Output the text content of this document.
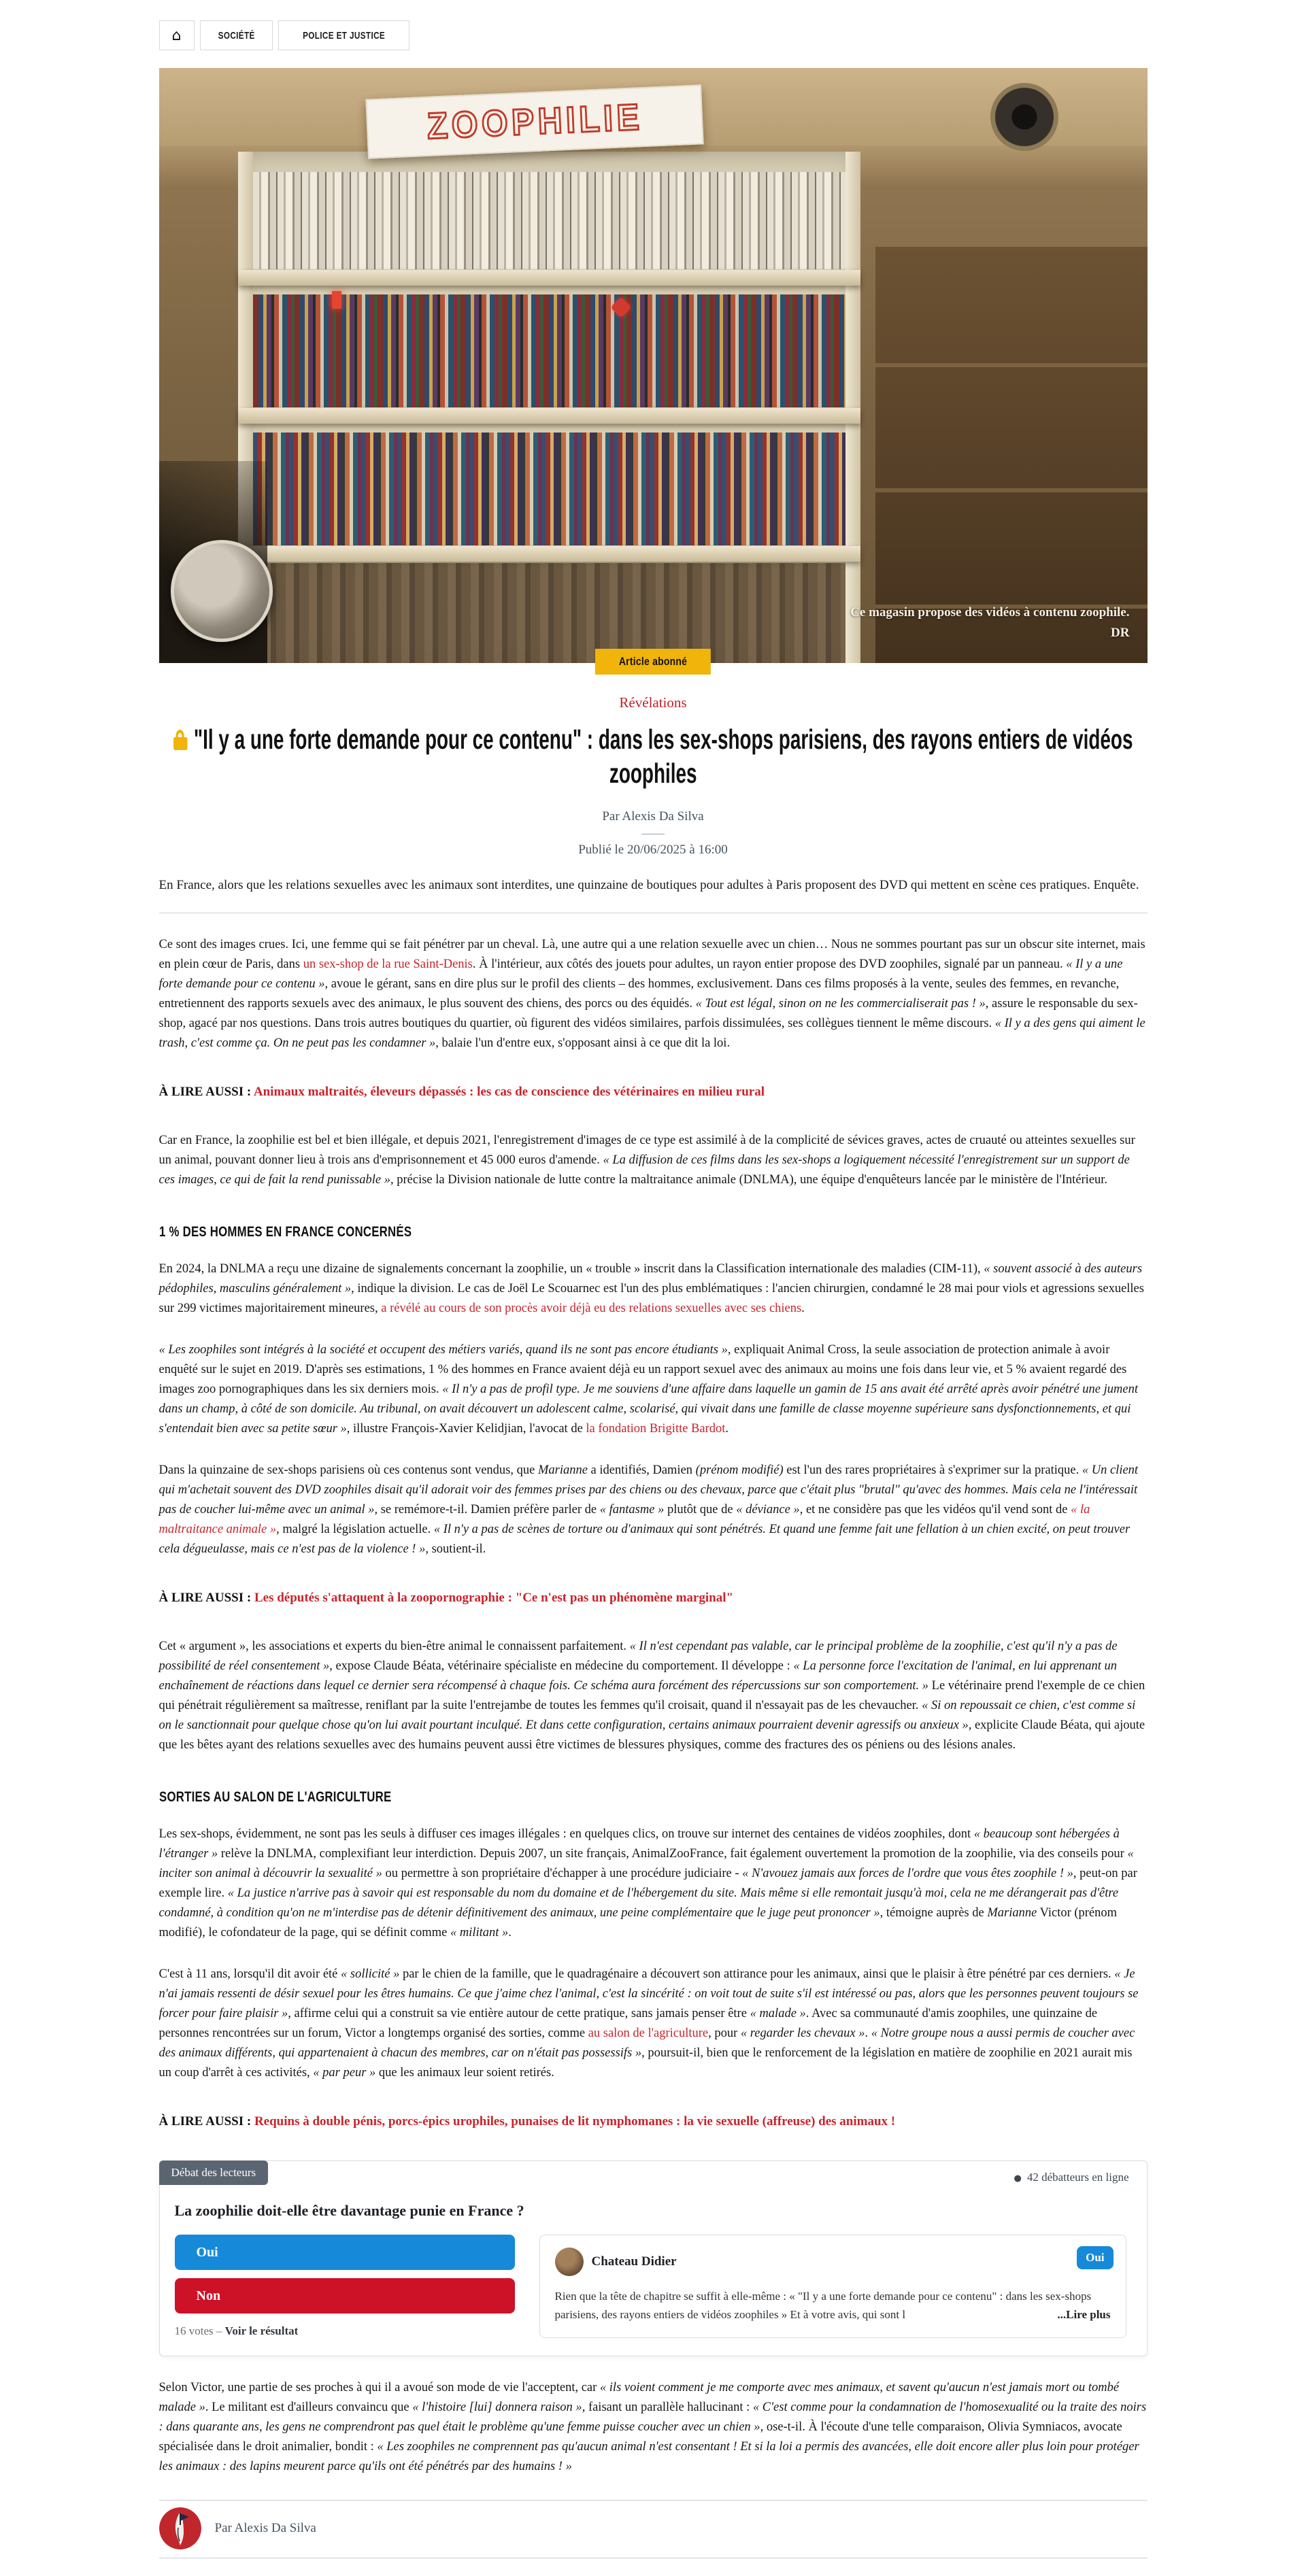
⌂	SOCIÉTÉ	POLICE ET JUSTICE
ZOOPHILIE
Ce magasin propose des vidéos à contenu zoophile.
DR
Article abonné
Révélations
"Il y a une forte demande pour ce contenu" : dans les sex-shops parisiens, des rayons entiers de vidéos zoophiles
Par Alexis Da Silva
Publié le 20/06/2025 à 16:00
En France, alors que les relations sexuelles avec les animaux sont interdites, une quinzaine de boutiques pour adultes à Paris proposent des DVD qui mettent en scène ces pratiques. Enquête.
Ce sont des images crues. Ici, une femme qui se fait pénétrer par un cheval. Là, une autre qui a une relation sexuelle avec un chien… Nous ne sommes pourtant pas sur un obscur site internet, mais en plein cœur de Paris, dans un sex-shop de la rue Saint-Denis. À l'intérieur, aux côtés des jouets pour adultes, un rayon entier propose des DVD zoophiles, signalé par un panneau. « Il y a une forte demande pour ce contenu », avoue le gérant, sans en dire plus sur le profil des clients – des hommes, exclusivement. Dans ces films proposés à la vente, seules des femmes, en revanche, entretiennent des rapports sexuels avec des animaux, le plus souvent des chiens, des porcs ou des équidés. « Tout est légal, sinon on ne les commercialiserait pas ! », assure le responsable du sex-shop, agacé par nos questions. Dans trois autres boutiques du quartier, où figurent des vidéos similaires, parfois dissimulées, ses collègues tiennent le même discours. « Il y a des gens qui aiment le trash, c'est comme ça. On ne peut pas les condamner », balaie l'un d'entre eux, s'opposant ainsi à ce que dit la loi.
À LIRE AUSSI : Animaux maltraités, éleveurs dépassés : les cas de conscience des vétérinaires en milieu rural
Car en France, la zoophilie est bel et bien illégale, et depuis 2021, l'enregistrement d'images de ce type est assimilé à de la complicité de sévices graves, actes de cruauté ou atteintes sexuelles sur un animal, pouvant donner lieu à trois ans d'emprisonnement et 45 000 euros d'amende. « La diffusion de ces films dans les sex-shops a logiquement nécessité l'enregistrement sur un support de ces images, ce qui de fait la rend punissable », précise la Division nationale de lutte contre la maltraitance animale (DNLMA), une équipe d'enquêteurs lancée par le ministère de l'Intérieur.
1 % DES HOMMES EN FRANCE CONCERNÉS
En 2024, la DNLMA a reçu une dizaine de signalements concernant la zoophilie, un « trouble » inscrit dans la Classification internationale des maladies (CIM-11), « souvent associé à des auteurs pédophiles, masculins généralement », indique la division. Le cas de Joël Le Scouarnec est l'un des plus emblématiques : l'ancien chirurgien, condamné le 28 mai pour viols et agressions sexuelles sur 299 victimes majoritairement mineures, a révélé au cours de son procès avoir déjà eu des relations sexuelles avec ses chiens.
« Les zoophiles sont intégrés à la société et occupent des métiers variés, quand ils ne sont pas encore étudiants », expliquait Animal Cross, la seule association de protection animale à avoir enquêté sur le sujet en 2019. D'après ses estimations, 1 % des hommes en France avaient déjà eu un rapport sexuel avec des animaux au moins une fois dans leur vie, et 5 % avaient regardé des images zoo pornographiques dans les six derniers mois. « Il n'y a pas de profil type. Je me souviens d'une affaire dans laquelle un gamin de 15 ans avait été arrêté après avoir pénétré une jument dans un champ, à côté de son domicile. Au tribunal, on avait découvert un adolescent calme, scolarisé, qui vivait dans une famille de classe moyenne supérieure sans dysfonctionnements, et qui s'entendait bien avec sa petite sœur », illustre François-Xavier Kelidjian, l'avocat de la fondation Brigitte Bardot.
Dans la quinzaine de sex-shops parisiens où ces contenus sont vendus, que Marianne a identifiés, Damien (prénom modifié) est l'un des rares propriétaires à s'exprimer sur la pratique. « Un client qui m'achetait souvent des DVD zoophiles disait qu'il adorait voir des femmes prises par des chiens ou des chevaux, parce que c'était plus "brutal" qu'avec des hommes. Mais cela ne l'intéressait pas de coucher lui-même avec un animal », se remémore-t-il. Damien préfère parler de « fantasme » plutôt que de « déviance », et ne considère pas que les vidéos qu'il vend sont de « la maltraitance animale », malgré la législation actuelle. « Il n'y a pas de scènes de torture ou d'animaux qui sont pénétrés. Et quand une femme fait une fellation à un chien excité, on peut trouver cela dégueulasse, mais ce n'est pas de la violence ! », soutient-il.
À LIRE AUSSI : Les députés s'attaquent à la zoopornographie : "Ce n'est pas un phénomène marginal"
Cet « argument », les associations et experts du bien-être animal le connaissent parfaitement. « Il n'est cependant pas valable, car le principal problème de la zoophilie, c'est qu'il n'y a pas de possibilité de réel consentement », expose Claude Béata, vétérinaire spécialiste en médecine du comportement. Il développe : « La personne force l'excitation de l'animal, en lui apprenant un enchaînement de réactions dans lequel ce dernier sera récompensé à chaque fois. Ce schéma aura forcément des répercussions sur son comportement. » Le vétérinaire prend l'exemple de ce chien qui pénétrait régulièrement sa maîtresse, reniflant par la suite l'entrejambe de toutes les femmes qu'il croisait, quand il n'essayait pas de les chevaucher. « Si on repoussait ce chien, c'est comme si on le sanctionnait pour quelque chose qu'on lui avait pourtant inculqué. Et dans cette configuration, certains animaux pourraient devenir agressifs ou anxieux », explicite Claude Béata, qui ajoute que les bêtes ayant des relations sexuelles avec des humains peuvent aussi être victimes de blessures physiques, comme des fractures des os péniens ou des lésions anales.
SORTIES AU SALON DE L'AGRICULTURE
Les sex-shops, évidemment, ne sont pas les seuls à diffuser ces images illégales : en quelques clics, on trouve sur internet des centaines de vidéos zoophiles, dont « beaucoup sont hébergées à l'étranger » relève la DNLMA, complexifiant leur interdiction. Depuis 2007, un site français, AnimalZooFrance, fait également ouvertement la promotion de la zoophilie, via des conseils pour « inciter son animal à découvrir la sexualité » ou permettre à son propriétaire d'échapper à une procédure judiciaire - « N'avouez jamais aux forces de l'ordre que vous êtes zoophile ! », peut-on par exemple lire. « La justice n'arrive pas à savoir qui est responsable du nom du domaine et de l'hébergement du site. Mais même si elle remontait jusqu'à moi, cela ne me dérangerait pas d'être condamné, à condition qu'on ne m'interdise pas de détenir définitivement des animaux, une peine complémentaire que le juge peut prononcer », témoigne auprès de Marianne Victor (prénom modifié), le cofondateur de la page, qui se définit comme « militant ».
C'est à 11 ans, lorsqu'il dit avoir été « sollicité » par le chien de la famille, que le quadragénaire a découvert son attirance pour les animaux, ainsi que le plaisir à être pénétré par ces derniers. « Je n'ai jamais ressenti de désir sexuel pour les êtres humains. Ce que j'aime chez l'animal, c'est la sincérité : on voit tout de suite s'il est intéressé ou pas, alors que les personnes peuvent toujours se forcer pour faire plaisir », affirme celui qui a construit sa vie entière autour de cette pratique, sans jamais penser être « malade ». Avec sa communauté d'amis zoophiles, une quinzaine de personnes rencontrées sur un forum, Victor a longtemps organisé des sorties, comme au salon de l'agriculture, pour « regarder les chevaux ». « Notre groupe nous a aussi permis de coucher avec des animaux différents, qui appartenaient à chacun des membres, car on n'était pas possessifs », poursuit-il, bien que le renforcement de la législation en matière de zoophilie en 2021 aurait mis un coup d'arrêt à ces activités, « par peur » que les animaux leur soient retirés.
À LIRE AUSSI : Requins à double pénis, porcs-épics urophiles, punaises de lit nymphomanes : la vie sexuelle (affreuse) des animaux !
Débat des lecteurs	● 42 débatteurs en ligne
La zoophilie doit-elle être davantage punie en France ?
Oui
Non
16 votes – Voir le résultat
Chateau Didier	Oui
Rien que la tête de chapitre se suffit à elle-même : « "Il y a une forte demande pour ce contenu" : dans les sex-shops parisiens, des rayons entiers de vidéos zoophiles » Et à votre avis, qui sont l	...Lire plus
Selon Victor, une partie de ses proches à qui il a avoué son mode de vie l'acceptent, car « ils voient comment je me comporte avec mes animaux, et savent qu'aucun n'est jamais mort ou tombé malade ». Le militant est d'ailleurs convaincu que « l'histoire [lui] donnera raison », faisant un parallèle hallucinant : « C'est comme pour la condamnation de l'homosexualité ou la traite des noirs : dans quarante ans, les gens ne comprendront pas quel était le problème qu'une femme puisse coucher avec un chien », ose-t-il. À l'écoute d'une telle comparaison, Olivia Symniacos, avocate spécialisée dans le droit animalier, bondit : « Les zoophiles ne comprennent pas qu'aucun animal n'est consentant ! Et si la loi a permis des avancées, elle doit encore aller plus loin pour protéger les animaux : des lapins meurent parce qu'ils ont été pénétrés par des humains ! »
Par Alexis Da Silva
